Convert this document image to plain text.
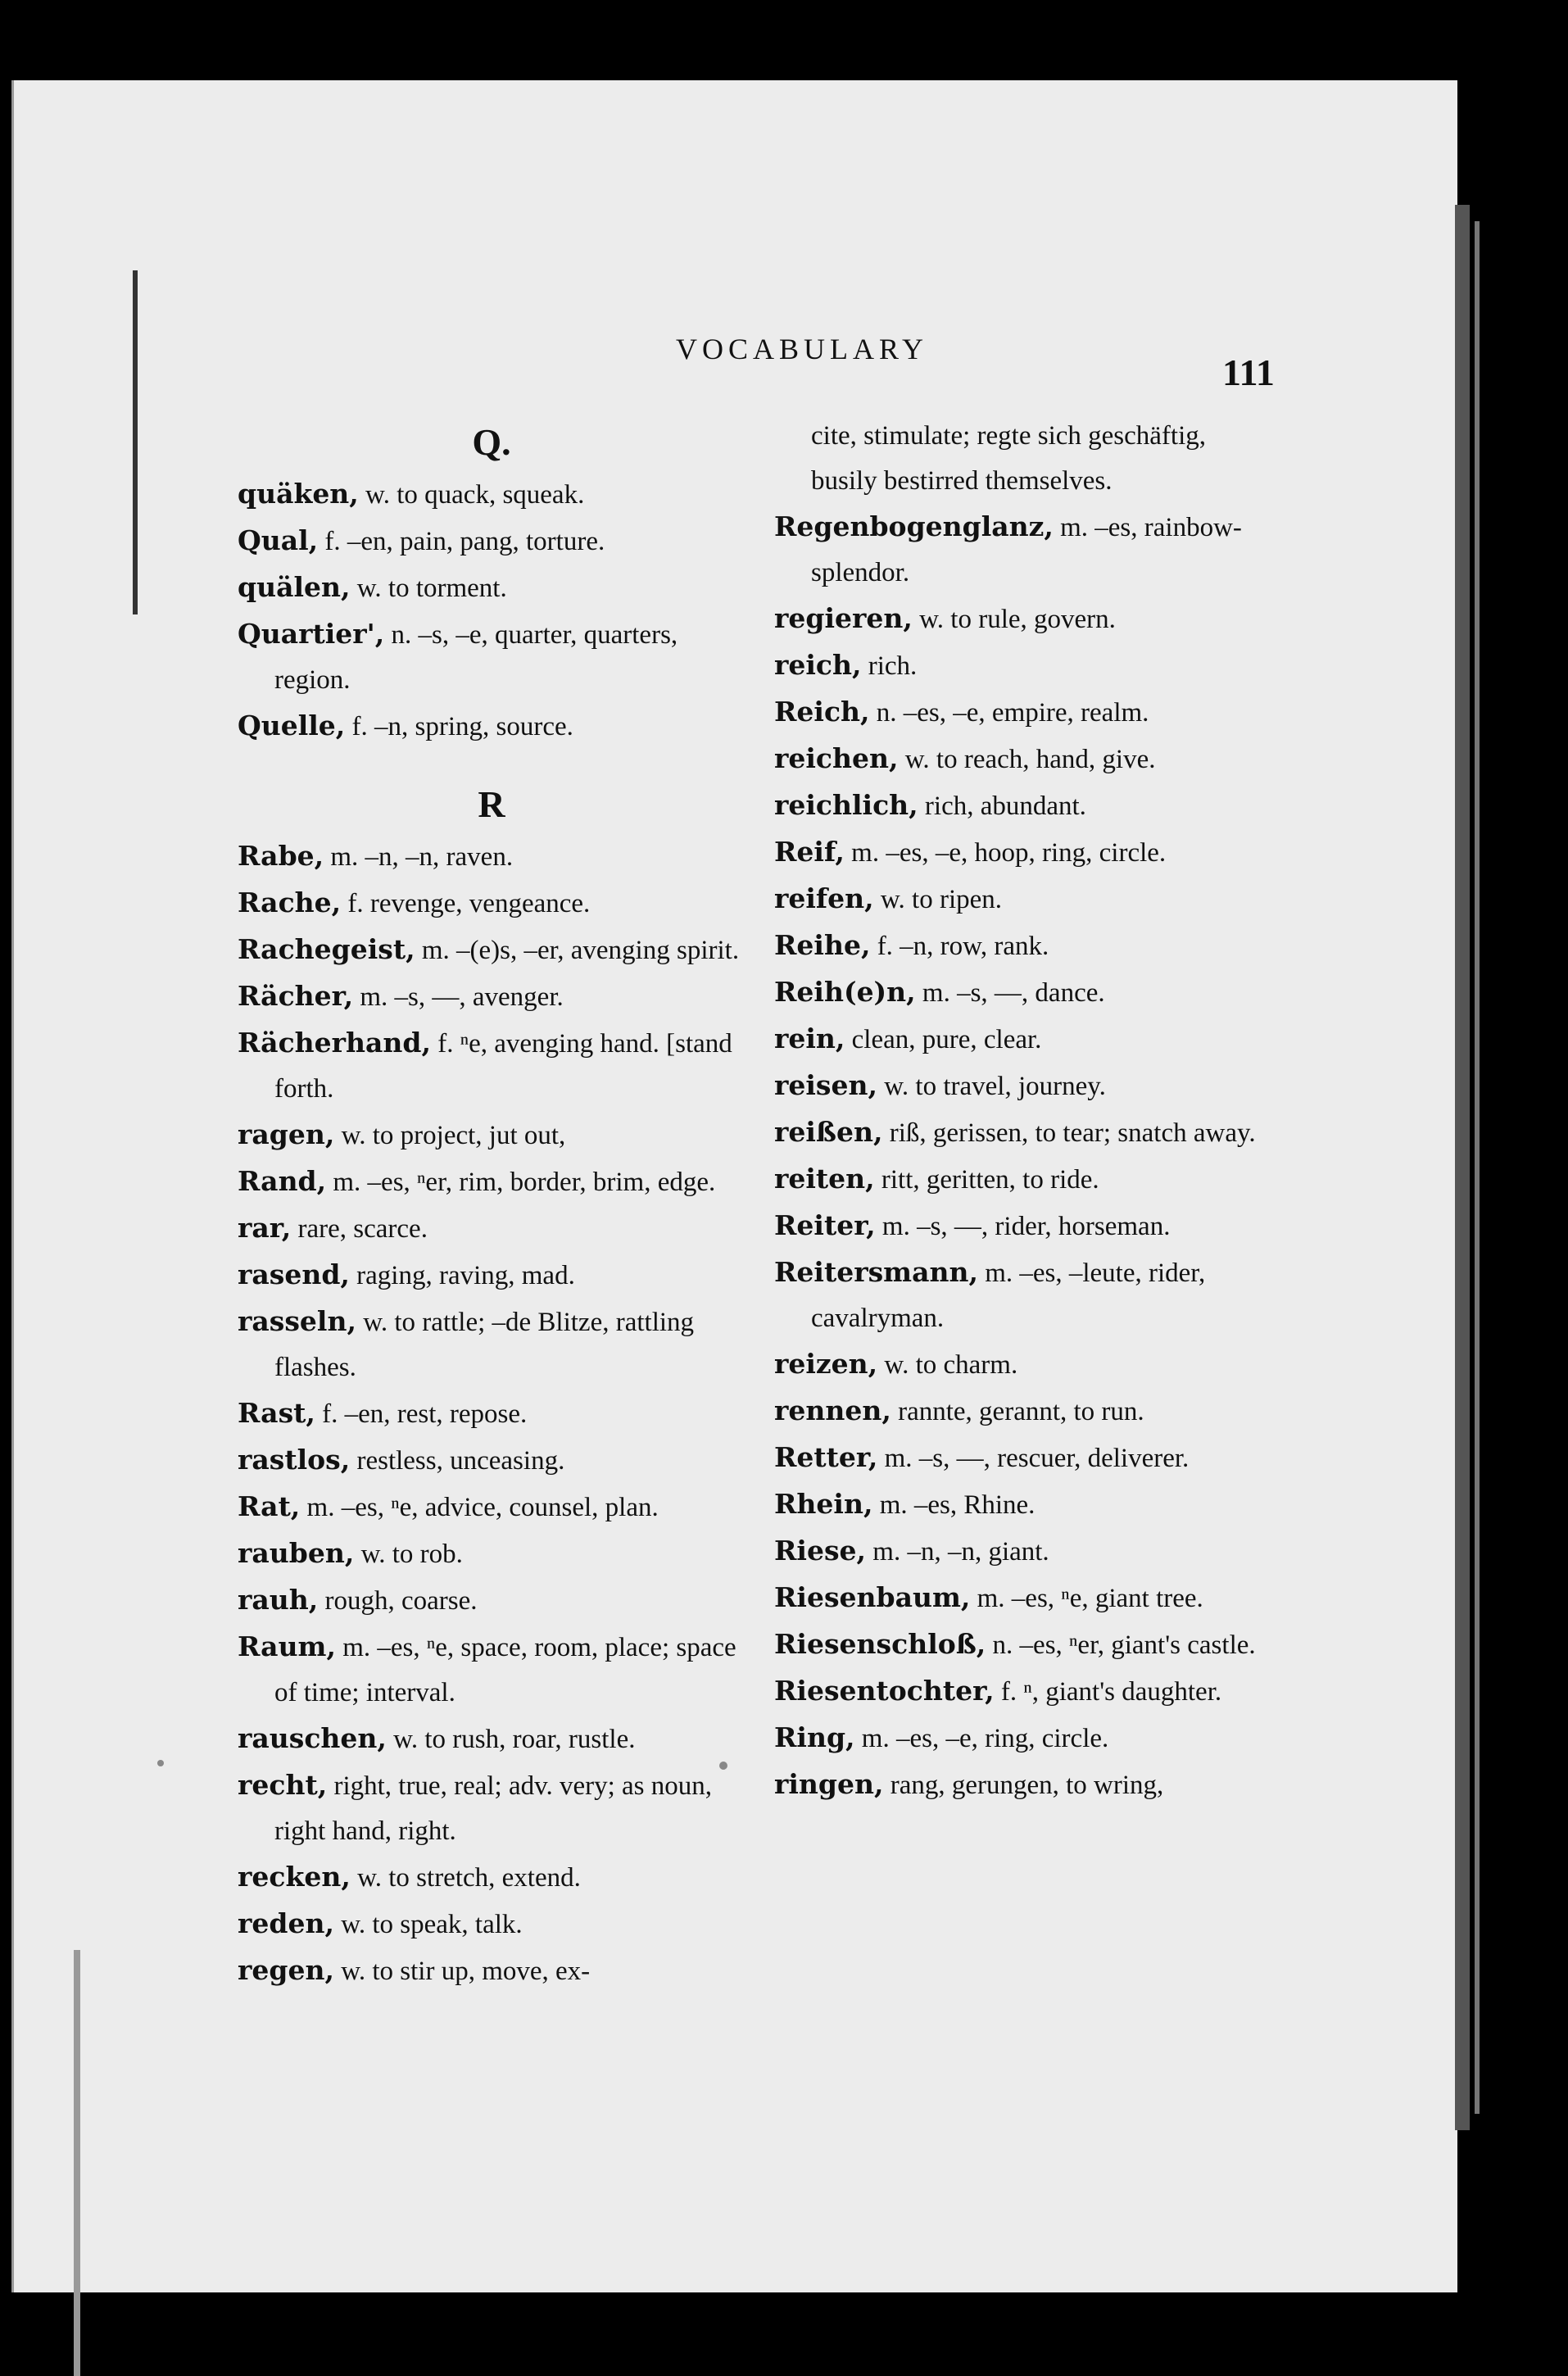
VOCABULARY
111
Q.
quäken, w. to quack, squeak.
Qual, f. –en, pain, pang, torture.
quälen, w. to torment.
Quartier', n. –s, –e, quarter, quarters, region.
Quelle, f. –n, spring, source.
R
Rabe, m. –n, –n, raven.
Rache, f. revenge, vengeance.
Rachegeist, m. –(e)s, –er, avenging spirit.
Rächer, m. –s, —, avenger.
Rächerhand, f. ⁿe, avenging hand. [stand forth.
ragen, w. to project, jut out,
Rand, m. –es, ⁿer, rim, border, brim, edge.
rar, rare, scarce.
rasend, raging, raving, mad.
rasseln, w. to rattle; –de Blitze, rattling flashes.
Rast, f. –en, rest, repose.
rastlos, restless, unceasing.
Rat, m. –es, ⁿe, advice, counsel, plan.
rauben, w. to rob.
rauh, rough, coarse.
Raum, m. –es, ⁿe, space, room, place; space of time; interval.
rauschen, w. to rush, roar, rustle.
recht, right, true, real; adv. very; as noun, right hand, right.
recken, w. to stretch, extend.
reden, w. to speak, talk.
regen, w. to stir up, move, ex-
cite, stimulate; regte sich geschäftig, busily bestirred themselves.
Regenbogenglanz, m. –es, rainbow-splendor.
regieren, w. to rule, govern.
reich, rich.
Reich, n. –es, –e, empire, realm.
reichen, w. to reach, hand, give.
reichlich, rich, abundant.
Reif, m. –es, –e, hoop, ring, circle.
reifen, w. to ripen.
Reihe, f. –n, row, rank.
Reih(e)n, m. –s, —, dance.
rein, clean, pure, clear.
reisen, w. to travel, journey.
reißen, riß, gerissen, to tear; snatch away.
reiten, ritt, geritten, to ride.
Reiter, m. –s, —, rider, horseman.
Reitersmann, m. –es, –leute, rider, cavalryman.
reizen, w. to charm.
rennen, rannte, gerannt, to run.
Retter, m. –s, —, rescuer, deliverer.
Rhein, m. –es, Rhine.
Riese, m. –n, –n, giant.
Riesenbaum, m. –es, ⁿe, giant tree.
Riesenschloß, n. –es, ⁿer, giant's castle.
Riesentochter, f. ⁿ, giant's daughter.
Ring, m. –es, –e, ring, circle.
ringen, rang, gerungen, to wring,
